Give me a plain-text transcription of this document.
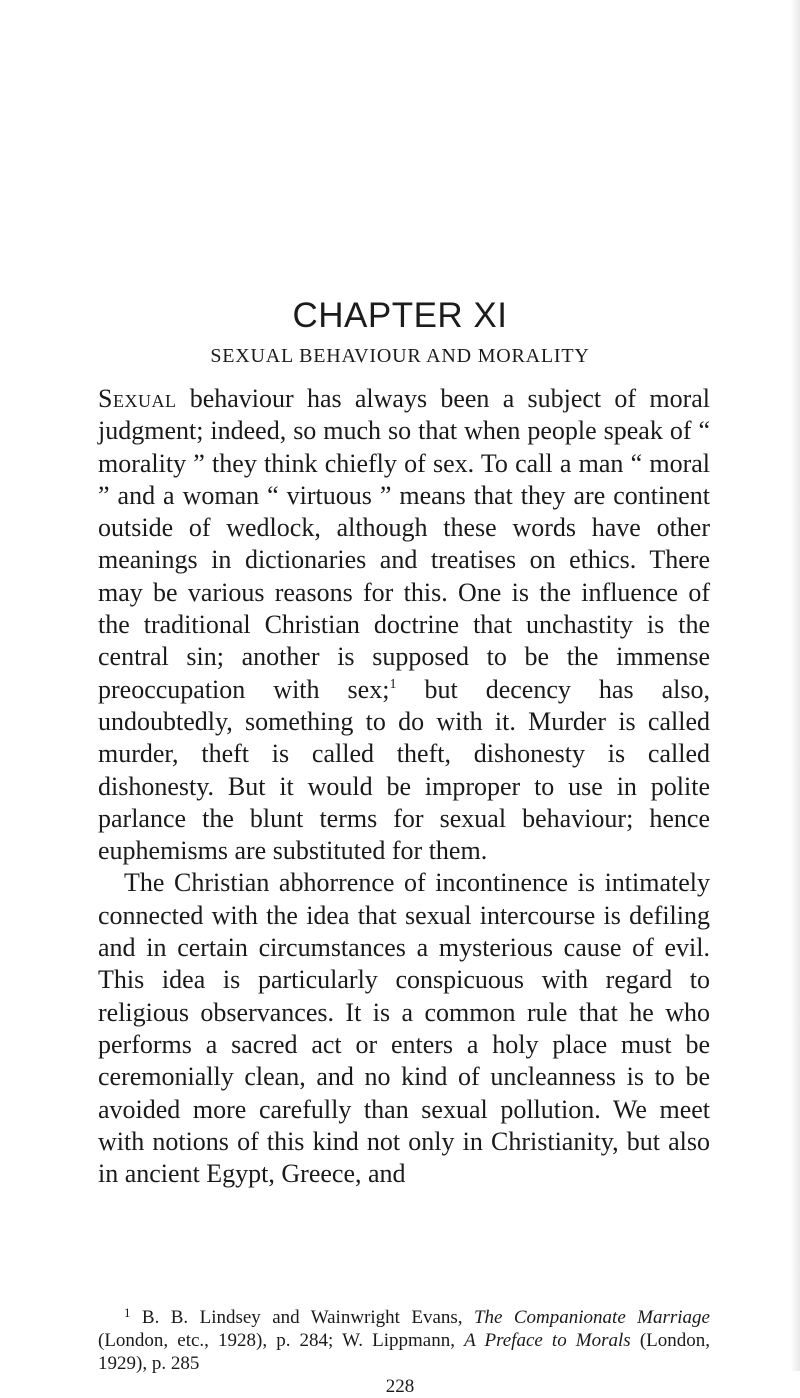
CHAPTER XI
SEXUAL BEHAVIOUR AND MORALITY

Sexual behaviour has always been a subject of moral judgment; indeed, so much so that when people speak of “ morality ” they think chiefly of sex. To call a man “ moral ” and a woman “ virtuous ” means that they are continent outside of wedlock, although these words have other meanings in dictionaries and treatises on ethics. There may be various reasons for this. One is the influence of the traditional Christian doctrine that unchastity is the central sin; another is supposed to be the immense preoccupation with sex;$^1$ but decency has also, undoubtedly, something to do with it. Murder is called murder, theft is called theft, dishonesty is called dishonesty. But it would be improper to use in polite parlance the blunt terms for sexual behaviour; hence euphemisms are substituted for them.

The Christian abhorrence of incontinence is intimately connected with the idea that sexual intercourse is defiling and in certain circumstances a mysterious cause of evil. This idea is particularly conspicuous with regard to religious observances. It is a common rule that he who performs a sacred act or enters a holy place must be ceremonially clean, and no kind of uncleanness is to be avoided more carefully than sexual pollution. We meet with notions of this kind not only in Christianity, but also in ancient Egypt, Greece, and

$^1$ B. B. Lindsey and Wainwright Evans, The Companionate Marriage (London, etc., 1928), p. 284; W. Lippmann, A Preface to Morals (London, 1929), p. 285
228
